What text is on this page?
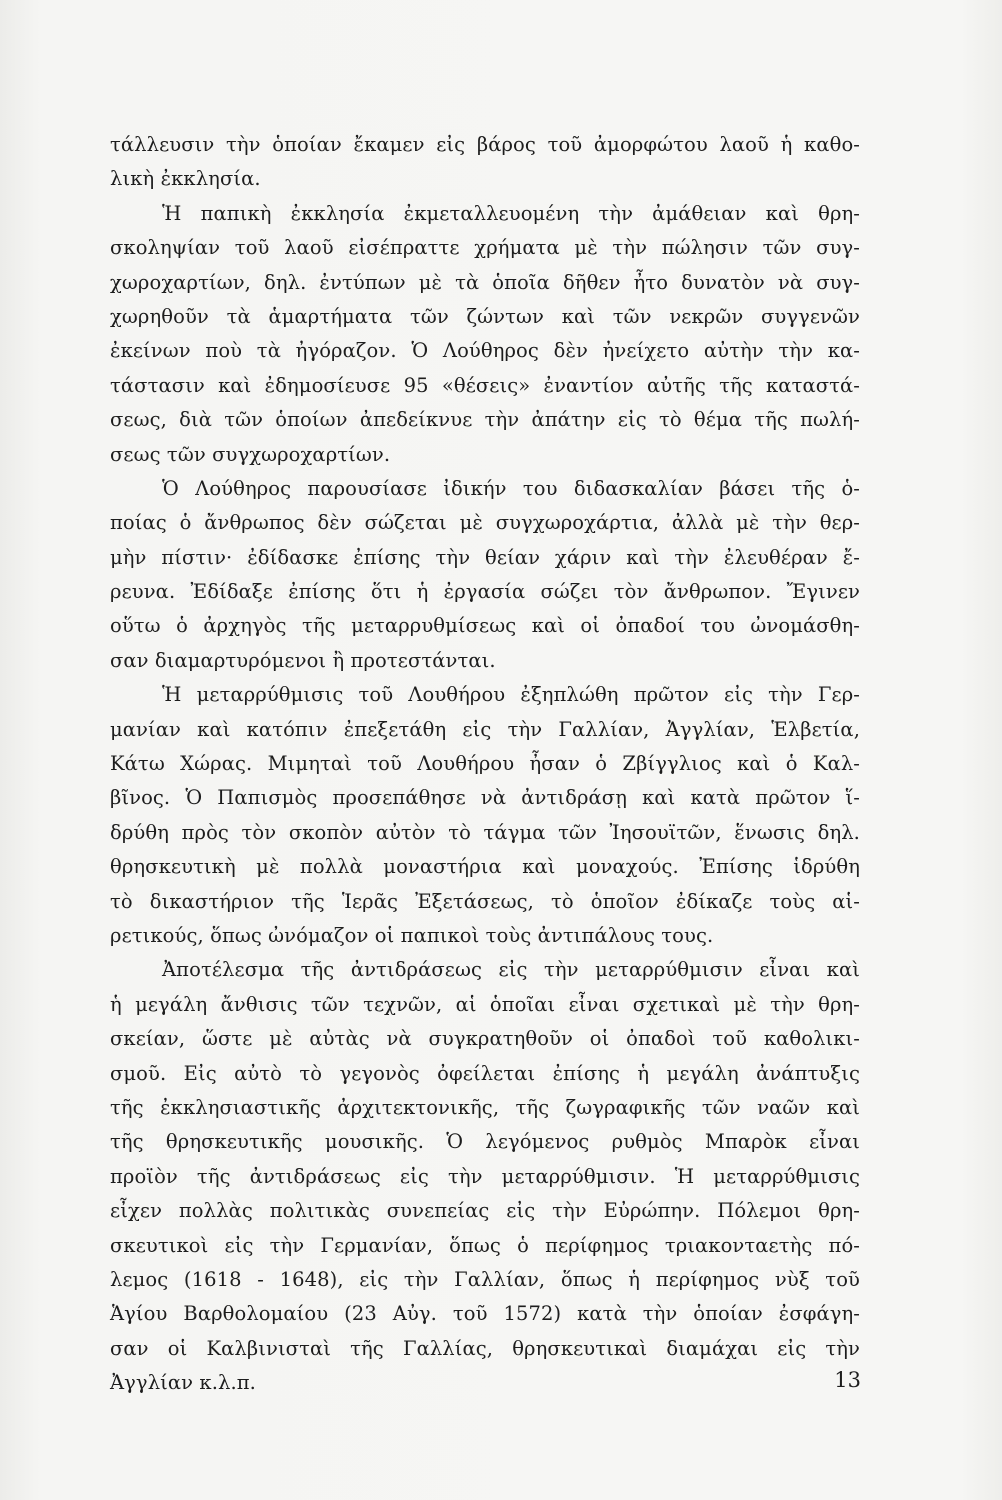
τάλλευσιν τὴν ὁποίαν ἔκαμεν εἰς βάρος τοῦ ἀμορφώτου λαοῦ ἡ καθο-
λικὴ ἐκκλησία.
Ἡ παπικὴ ἐκκλησία ἐκμεταλλευομένη τὴν ἀμάθειαν καὶ θρη-
σκοληψίαν τοῦ λαοῦ εἰσέπραττε χρήματα μὲ τὴν πώλησιν τῶν συγ-
χωροχαρτίων, δηλ. ἐντύπων μὲ τὰ ὁποῖα δῆθεν ἦτο δυνατὸν νὰ συγ-
χωρηθοῦν τὰ ἁμαρτήματα τῶν ζώντων καὶ τῶν νεκρῶν συγγενῶν
ἐκείνων ποὺ τὰ ἠγόραζον. Ὁ Λούθηρος δὲν ἠνείχετο αὐτὴν τὴν κα-
τάστασιν καὶ ἐδημοσίευσε 95 «θέσεις» ἐναντίον αὐτῆς τῆς καταστά-
σεως, διὰ τῶν ὁποίων ἀπεδείκνυε τὴν ἀπάτην εἰς τὸ θέμα τῆς πωλή-
σεως τῶν συγχωροχαρτίων.
Ὁ Λούθηρος παρουσίασε ἰδικήν του διδασκαλίαν βάσει τῆς ὁ-
ποίας ὁ ἄνθρωπος δὲν σώζεται μὲ συγχωροχάρτια, ἀλλὰ μὲ τὴν θερ-
μὴν πίστιν· ἐδίδασκε ἐπίσης τὴν θείαν χάριν καὶ τὴν ἐλευθέραν ἔ-
ρευνα. Ἐδίδαξε ἐπίσης ὅτι ἡ ἐργασία σώζει τὸν ἄνθρωπον. Ἔγινεν
οὕτω ὁ ἀρχηγὸς τῆς μεταρρυθμίσεως καὶ οἱ ὀπαδοί του ὠνομάσθη-
σαν διαμαρτυρόμενοι ἢ προτεστάνται.
Ἡ μεταρρύθμισις τοῦ Λουθήρου ἐξηπλώθη πρῶτον εἰς τὴν Γερ-
μανίαν καὶ κατόπιν ἐπεξετάθη εἰς τὴν Γαλλίαν, Ἀγγλίαν, Ἑλβετία,
Κάτω Χώρας. Μιμηταὶ τοῦ Λουθήρου ἦσαν ὁ Ζβίγγλιος καὶ ὁ Καλ-
βῖνος. Ὁ Παπισμὸς προσεπάθησε νὰ ἀντιδράσῃ καὶ κατὰ πρῶτον ἵ-
δρύθη πρὸς τὸν σκοπὸν αὐτὸν τὸ τάγμα τῶν Ἰησουϊτῶν, ἕνωσις δηλ.
θρησκευτικὴ μὲ πολλὰ μοναστήρια καὶ μοναχούς. Ἐπίσης ἱδρύθη
τὸ δικαστήριον τῆς Ἱερᾶς Ἐξετάσεως, τὸ ὁποῖον ἐδίκαζε τοὺς αἱ-
ρετικούς, ὅπως ὠνόμαζον οἱ παπικοὶ τοὺς ἀντιπάλους τους.
Ἀποτέλεσμα τῆς ἀντιδράσεως εἰς τὴν μεταρρύθμισιν εἶναι καὶ
ἡ μεγάλη ἄνθισις τῶν τεχνῶν, αἱ ὁποῖαι εἶναι σχετικαὶ μὲ τὴν θρη-
σκείαν, ὥστε μὲ αὐτὰς νὰ συγκρατηθοῦν οἱ ὀπαδοὶ τοῦ καθολικι-
σμοῦ. Εἰς αὐτὸ τὸ γεγονὸς ὀφείλεται ἐπίσης ἡ μεγάλη ἀνάπτυξις
τῆς ἐκκλησιαστικῆς ἀρχιτεκτονικῆς, τῆς ζωγραφικῆς τῶν ναῶν καὶ
τῆς θρησκευτικῆς μουσικῆς. Ὁ λεγόμενος ρυθμὸς Μπαρὸκ εἶναι
προϊὸν τῆς ἀντιδράσεως εἰς τὴν μεταρρύθμισιν. Ἡ μεταρρύθμισις
εἶχεν πολλὰς πολιτικὰς συνεπείας εἰς τὴν Εὐρώπην. Πόλεμοι θρη-
σκευτικοὶ εἰς τὴν Γερμανίαν, ὅπως ὁ περίφημος τριακονταετὴς πό-
λεμος (1618 - 1648), εἰς τὴν Γαλλίαν, ὅπως ἡ περίφημος νὺξ τοῦ
Ἁγίου Βαρθολομαίου (23 Αὐγ. τοῦ 1572) κατὰ τὴν ὁποίαν ἐσφάγη-
σαν οἱ Καλβινισταὶ τῆς Γαλλίας, θρησκευτικαὶ διαμάχαι εἰς τὴν
Ἀγγλίαν κ.λ.π.	13
